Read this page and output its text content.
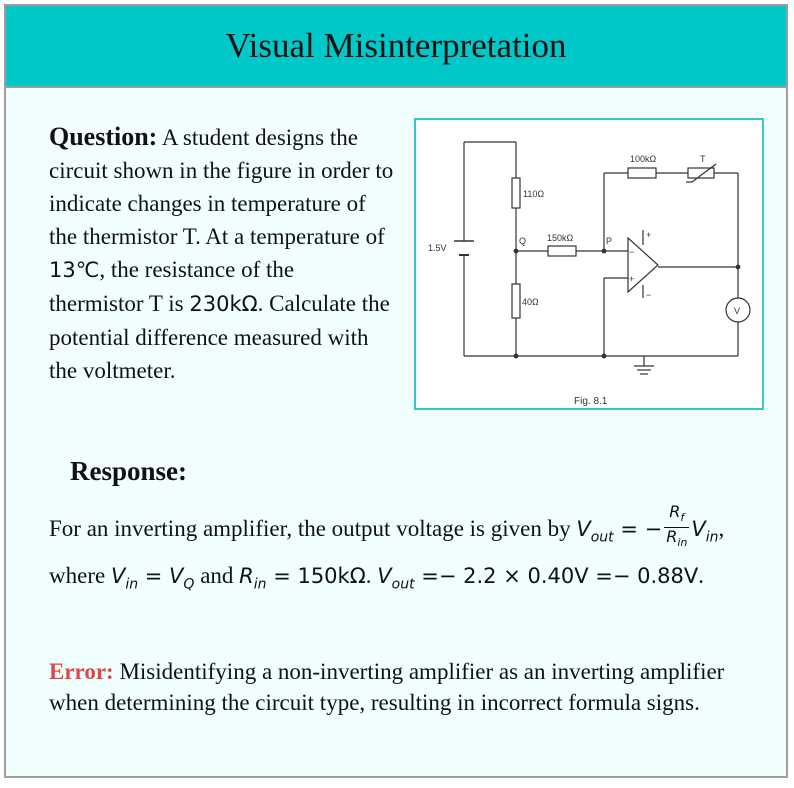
Visual Misinterpretation
Question: A student designs the circuit shown in the figure in order to indicate changes in temperature of the thermistor T. At a temperature of 13℃, the resistance of the thermistor T is 230kΩ. Calculate the potential difference measured with the voltmeter.
110Ω
40Ω
150kΩ
100kΩ
1.5V
Q	P
T
V
+
−
+
−
Fig. 8.1
Response:
For an inverting amplifier, the output voltage is given by $V_{out}$ = − $\frac{R_f}{R_{in}} V_{in}$, where $V_{in} = V_Q$ and $R_{in} = 150k\Omega$. $V_{out} =- 2.2 \times 0.40V =- 0.88V$.
Error: Misidentifying a non-inverting amplifier as an inverting amplifier when determining the circuit type, resulting in incorrect formula signs.
